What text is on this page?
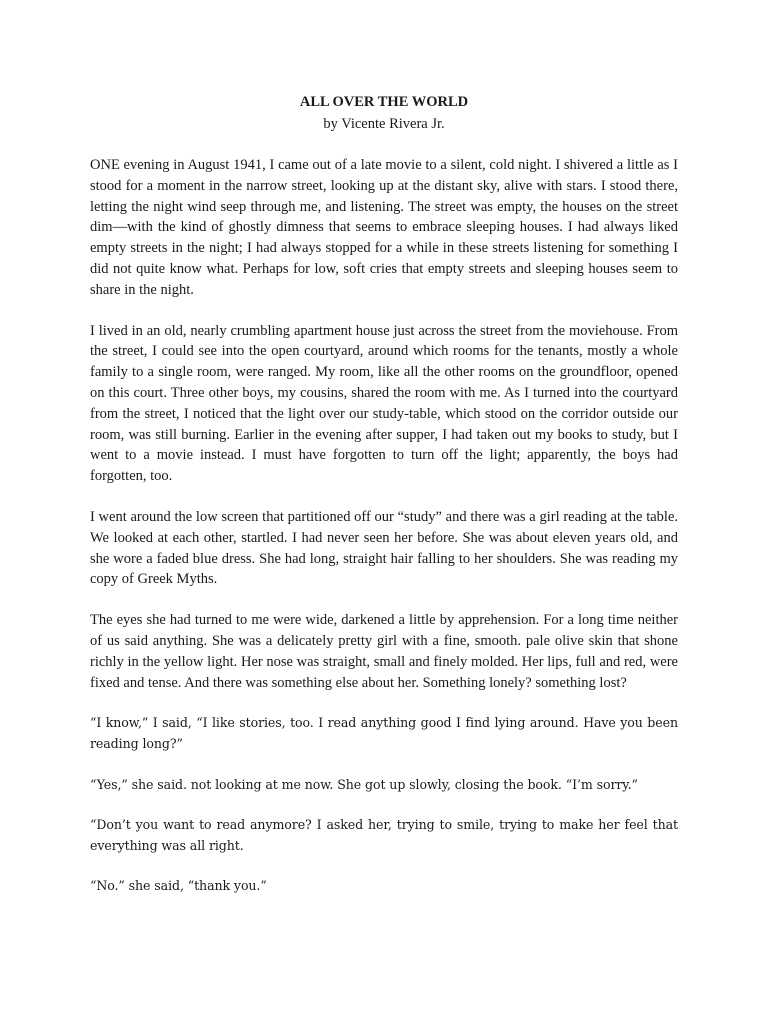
ALL OVER THE WORLD

by Vicente Rivera Jr.

ONE evening in August 1941, I came out of a late movie to a silent, cold night. I shivered a little as I stood for a moment in the narrow street, looking up at the distant sky, alive with stars. I stood there, letting the night wind seep through me, and listening. The street was empty, the houses on the street dim—with the kind of ghostly dimness that seems to embrace sleeping houses. I had always liked empty streets in the night; I had always stopped for a while in these streets listening for something I did not quite know what. Perhaps for low, soft cries that empty streets and sleeping houses seem to share in the night.

I lived in an old, nearly crumbling apartment house just across the street from the moviehouse. From the street, I could see into the open courtyard, around which rooms for the tenants, mostly a whole family to a single room, were ranged. My room, like all the other rooms on the groundfloor, opened on this court. Three other boys, my cousins, shared the room with me. As I turned into the courtyard from the street, I noticed that the light over our study-table, which stood on the corridor outside our room, was still burning. Earlier in the evening after supper, I had taken out my books to study, but I went to a movie instead. I must have forgotten to turn off the light; apparently, the boys had forgotten, too.

I went around the low screen that partitioned off our “study” and there was a girl reading at the table. We looked at each other, startled. I had never seen her before. She was about eleven years old, and she wore a faded blue dress. She had long, straight hair falling to her shoulders. She was reading my copy of Greek Myths.

The eyes she had turned to me were wide, darkened a little by apprehension. For a long time neither of us said anything. She was a delicately pretty girl with a fine, smooth. pale olive skin that shone richly in the yellow light. Her nose was straight, small and finely molded. Her lips, full and red, were fixed and tense. And there was something else about her. Something lonely? something lost?

“I know,” I said, “I like stories, too. I read anything good I find lying around. Have you been reading long?”

“Yes,” she said. not looking at me now. She got up slowly, closing the book. “I’m sorry.”

“Don’t you want to read anymore? I asked her, trying to smile, trying to make her feel that everything was all right.

“No.” she said, “thank you.”
